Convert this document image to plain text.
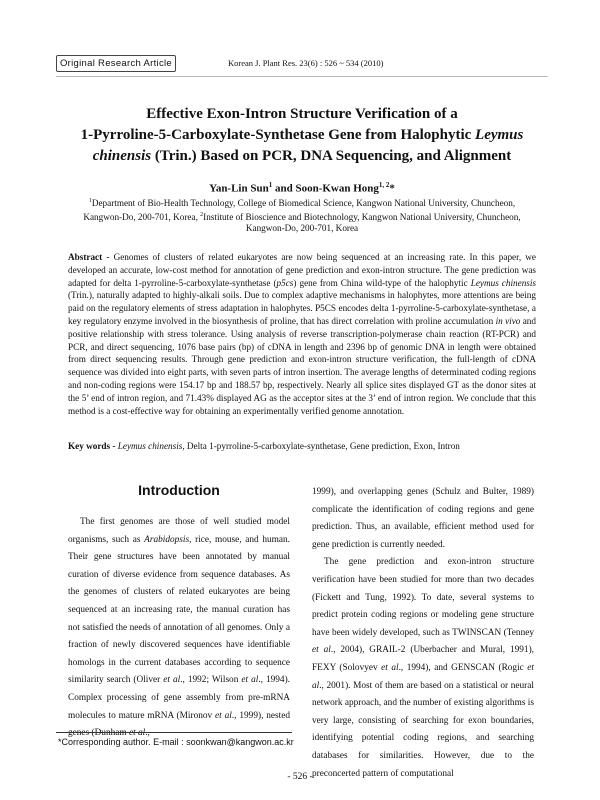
Original Research Article	Korean J. Plant Res. 23(6) : 526 ~ 534 (2010)
Effective Exon-Intron Structure Verification of a
1-Pyrroline-5-Carboxylate-Synthetase Gene from Halophytic Leymus
chinensis (Trin.) Based on PCR, DNA Sequencing, and Alignment
Yan-Lin Sun$^1$ and Soon-Kwan Hong$^{1, 2}$*
$^1$Department of Bio-Health Technology, College of Biomedical Science, Kangwon National University, Chuncheon, Kangwon-Do, 200-701, Korea, $^2$Institute of Bioscience and Biotechnology, Kangwon National University, Chuncheon, Kangwon-Do, 200-701, Korea
Abstract - Genomes of clusters of related eukaryotes are now being sequenced at an increasing rate. In this paper, we developed an accurate, low-cost method for annotation of gene prediction and exon-intron structure. The gene prediction was adapted for delta 1-pyrroline-5-carboxylate-synthetase (p5cs) gene from China wild-type of the halophytic Leymus chinensis (Trin.), naturally adapted to highly-alkali soils. Due to complex adaptive mechanisms in halophytes, more attentions are being paid on the regulatory elements of stress adaptation in halophytes. P5CS encodes delta 1-pyrroline-5-carboxylate-synthetase, a key regulatory enzyme involved in the biosynthesis of proline, that has direct correlation with proline accumulation in vivo and positive relationship with stress tolerance. Using analysis of reverse transcription-polymerase chain reaction (RT-PCR) and PCR, and direct sequencing, 1076 base pairs (bp) of cDNA in length and 2396 bp of genomic DNA in length were obtained from direct sequencing results. Through gene prediction and exon-intron structure verification, the full-length of cDNA sequence was divided into eight parts, with seven parts of intron insertion. The average lengths of determinated coding regions and non-coding regions were 154.17 bp and 188.57 bp, respectively. Nearly all splice sites displayed GT as the donor sites at the 5’ end of intron region, and 71.43% displayed AG as the acceptor sites at the 3’ end of intron region. We conclude that this method is a cost-effective way for obtaining an experimentally verified genome annotation.
Key words - Leymus chinensis, Delta 1-pyrroline-5-carboxylate-synthetase, Gene prediction, Exon, Intron
Introduction

The first genomes are those of well studied model organisms, such as Arabidopsis, rice, mouse, and human. Their gene structures have been annotated by manual curation of diverse evidence from sequence databases. As the genomes of clusters of related eukaryotes are being sequenced at an increasing rate, the manual curation has not satisfied the needs of annotation of all genomes. Only a fraction of newly discovered sequences have identifiable homologs in the current databases according to sequence similarity search (Oliver et al., 1992; Wilson et al., 1994). Complex processing of gene assembly from pre-mRNA molecules to mature mRNA (Mironov et al., 1999), nested genes (Dunham et al.,

1999), and overlapping genes (Schulz and Bulter, 1989) complicate the identification of coding regions and gene prediction. Thus, an available, efficient method used for gene prediction is currently needed.

The gene prediction and exon-intron structure verification have been studied for more than two decades (Fickett and Tung, 1992). To date, several systems to predict protein coding regions or modeling gene structure have been widely developed, such as TWINSCAN (Tenney et al., 2004), GRAIL-2 (Uberbacher and Mural, 1991), FEXY (Solovyev et al., 1994), and GENSCAN (Rogic et al., 2001). Most of them are based on a statistical or neural network approach, and the number of existing algorithms is very large, consisting of searching for exon boundaries, identifying potential coding regions, and searching databases for similarities. However, due to the preconcerted pattern of computational

*Corresponding author. E-mail : soonkwan@kangwon.ac.kr
- 526 -
